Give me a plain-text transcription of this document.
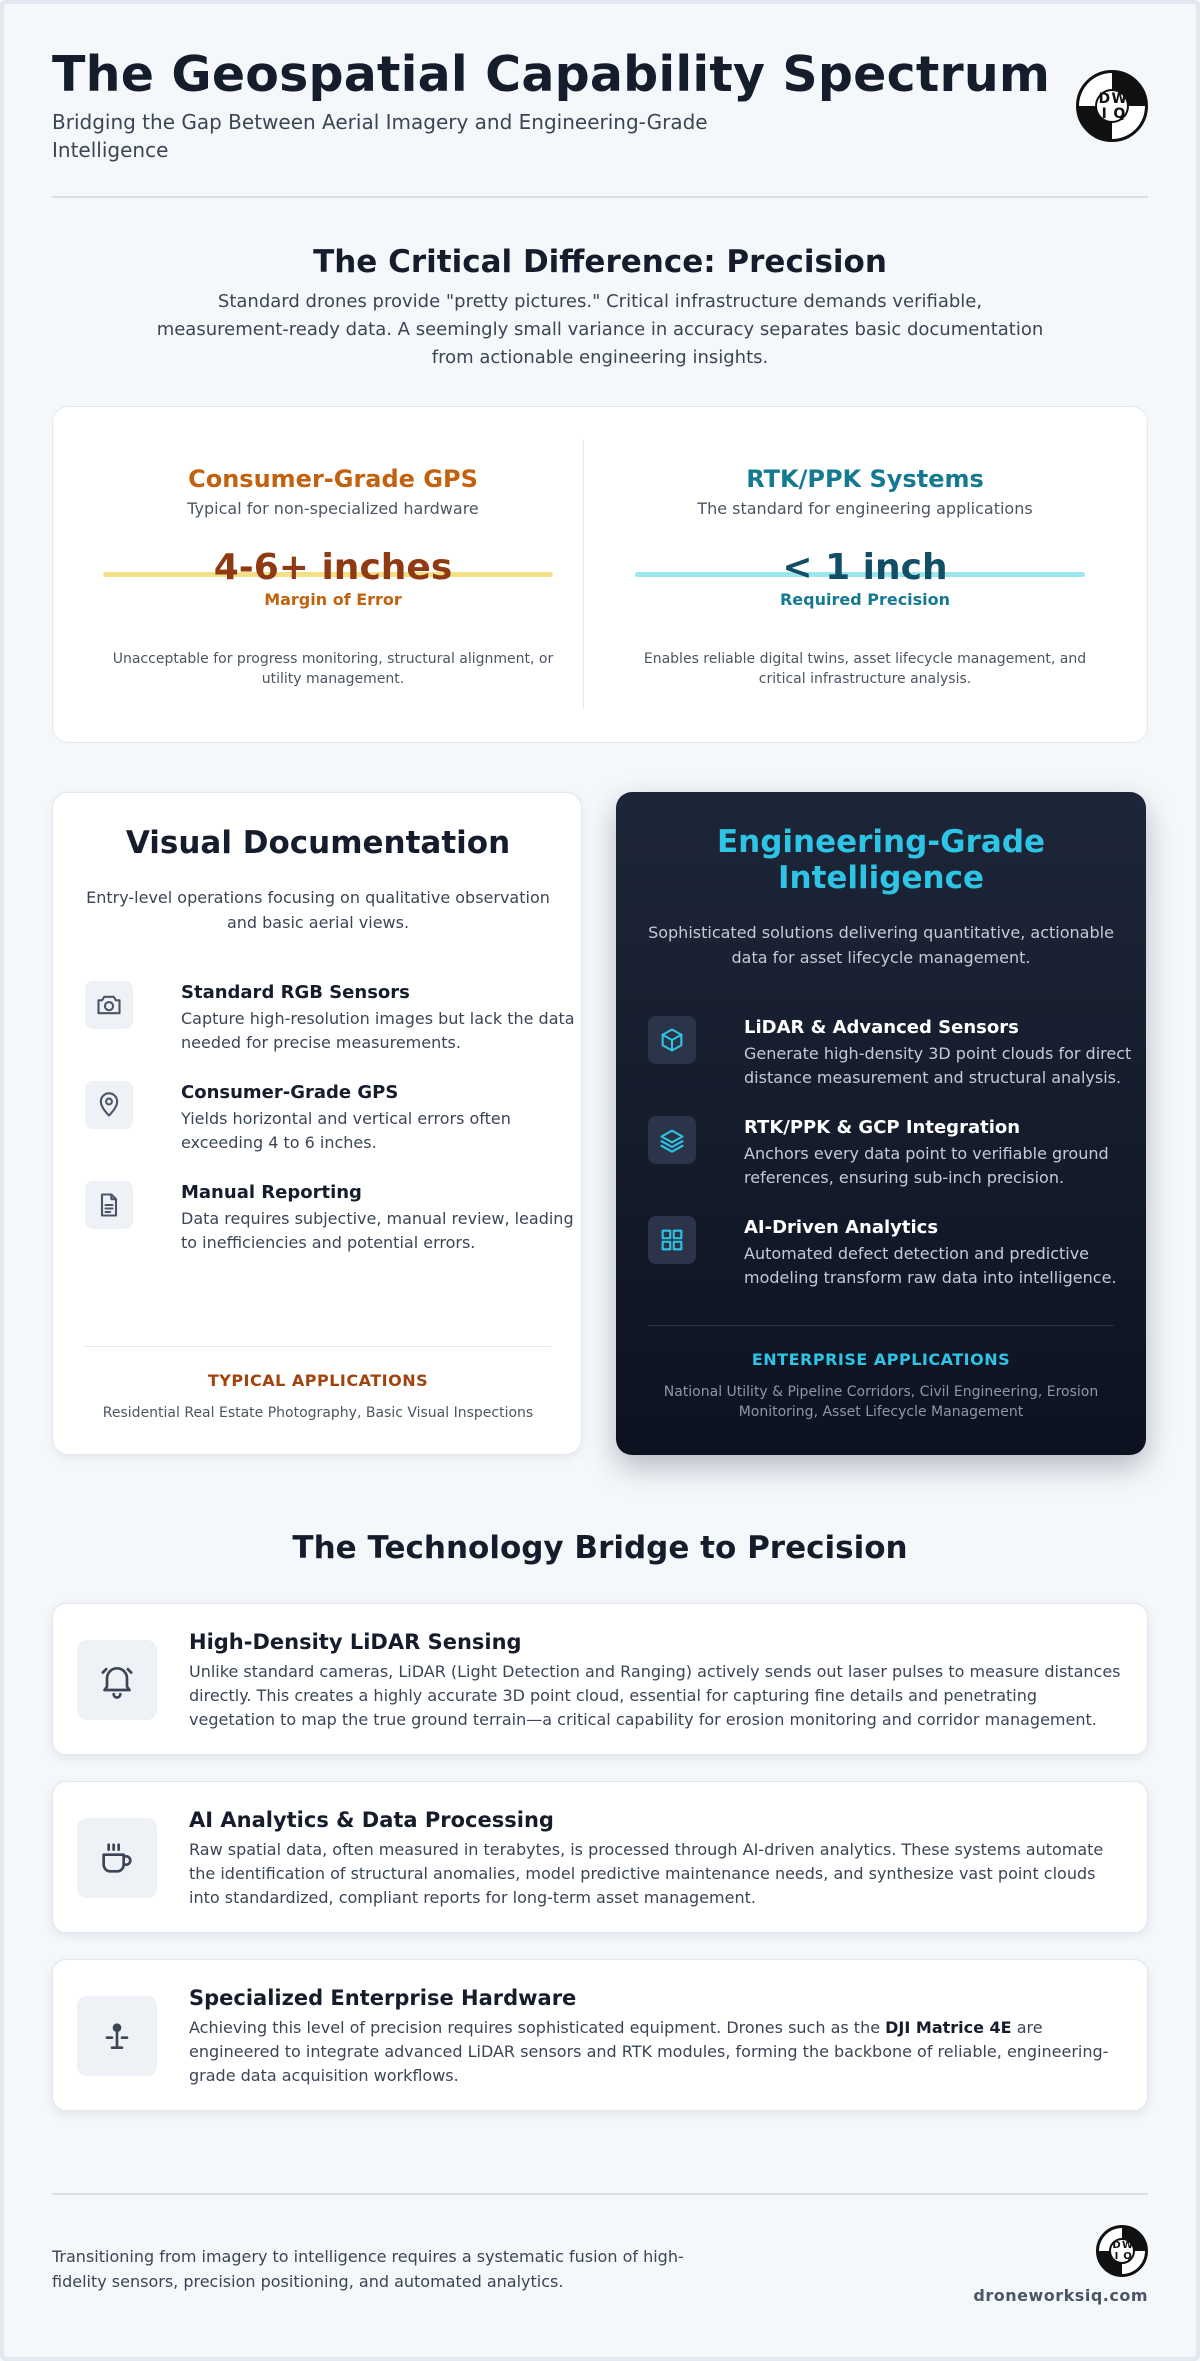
The Geospatial Capability Spectrum
Bridging the Gap Between Aerial Imagery and Engineering-Grade Intelligence
D W
I Q
The Critical Difference: Precision
Standard drones provide "pretty pictures." Critical infrastructure demands verifiable, measurement-ready data. A seemingly small variance in accuracy separates basic documentation from actionable engineering insights.
Consumer-Grade GPS
Typical for non-specialized hardware
4-6+ inches
Margin of Error
Unacceptable for progress monitoring, structural alignment, or utility management.
RTK/PPK Systems
The standard for engineering applications
< 1 inch
Required Precision
Enables reliable digital twins, asset lifecycle management, and critical infrastructure analysis.
Visual Documentation
Entry-level operations focusing on qualitative observation and basic aerial views.
Standard RGB Sensors
Capture high-resolution images but lack the data needed for precise measurements.
Consumer-Grade GPS
Yields horizontal and vertical errors often exceeding 4 to 6 inches.
Manual Reporting
Data requires subjective, manual review, leading to inefficiencies and potential errors.
TYPICAL APPLICATIONS
Residential Real Estate Photography, Basic Visual Inspections
Engineering-Grade Intelligence
Sophisticated solutions delivering quantitative, actionable data for asset lifecycle management.
LiDAR & Advanced Sensors
Generate high-density 3D point clouds for direct distance measurement and structural analysis.
RTK/PPK & GCP Integration
Anchors every data point to verifiable ground references, ensuring sub-inch precision.
AI-Driven Analytics
Automated defect detection and predictive modeling transform raw data into intelligence.
ENTERPRISE APPLICATIONS
National Utility & Pipeline Corridors, Civil Engineering, Erosion Monitoring, Asset Lifecycle Management
The Technology Bridge to Precision
High-Density LiDAR Sensing
Unlike standard cameras, LiDAR (Light Detection and Ranging) actively sends out laser pulses to measure distances directly. This creates a highly accurate 3D point cloud, essential for capturing fine details and penetrating vegetation to map the true ground terrain—a critical capability for erosion monitoring and corridor management.
AI Analytics & Data Processing
Raw spatial data, often measured in terabytes, is processed through AI-driven analytics. These systems automate the identification of structural anomalies, model predictive maintenance needs, and synthesize vast point clouds into standardized, compliant reports for long-term asset management.
Specialized Enterprise Hardware
Achieving this level of precision requires sophisticated equipment. Drones such as the DJI Matrice 4E are engineered to integrate advanced LiDAR sensors and RTK modules, forming the backbone of reliable, engineering-grade data acquisition workflows.
Transitioning from imagery to intelligence requires a systematic fusion of high-fidelity sensors, precision positioning, and automated analytics.
D W
I Q
droneworksiq.com
